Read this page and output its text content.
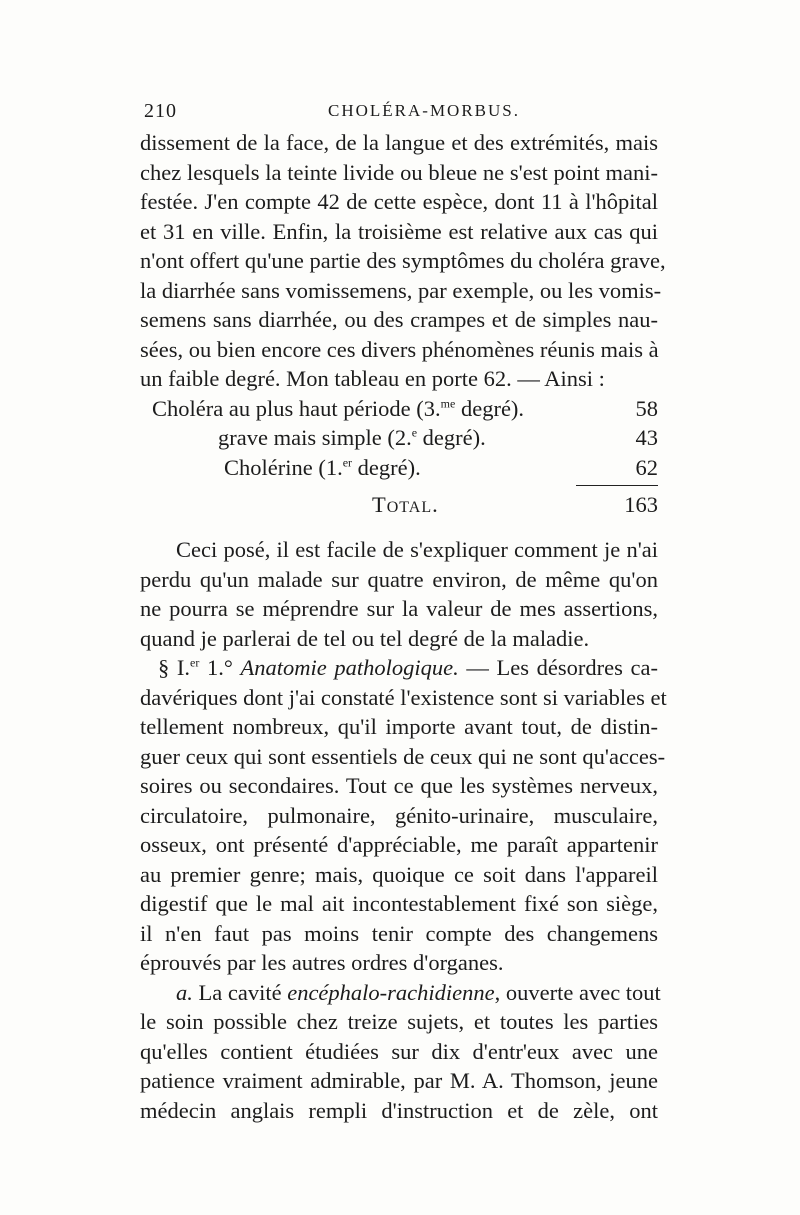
210	CHOLÉRA-MORBUS.
dissement de la face, de la langue et des extrémités, mais
chez lesquels la teinte livide ou bleue ne s'est point mani-
festée. J'en compte 42 de cette espèce, dont 11 à l'hôpital
et 31 en ville. Enfin, la troisième est relative aux cas qui
n'ont offert qu'une partie des symptômes du choléra grave,
la diarrhée sans vomissemens, par exemple, ou les vomis-
semens sans diarrhée, ou des crampes et de simples nau-
sées, ou bien encore ces divers phénomènes réunis mais à
un faible degré. Mon tableau en porte 62. — Ainsi :
Choléra au plus haut période (3.$^{me}$ degré).	58
grave mais simple (2.$^e$ degré).	43
Cholérine (1.$^{er}$ degré).	62
Total.	163
Ceci posé, il est facile de s'expliquer comment je n'ai
perdu qu'un malade sur quatre environ, de même qu'on
ne pourra se méprendre sur la valeur de mes assertions,
quand je parlerai de tel ou tel degré de la maladie.
§ I.$^{er}$ 1.° Anatomie pathologique. — Les désordres ca-
davériques dont j'ai constaté l'existence sont si variables et
tellement nombreux, qu'il importe avant tout, de distin-
guer ceux qui sont essentiels de ceux qui ne sont qu'acces-
soires ou secondaires. Tout ce que les systèmes nerveux,
circulatoire, pulmonaire, génito-urinaire, musculaire,
osseux, ont présenté d'appréciable, me paraît appartenir
au premier genre; mais, quoique ce soit dans l'appareil
digestif que le mal ait incontestablement fixé son siège,
il n'en faut pas moins tenir compte des changemens
éprouvés par les autres ordres d'organes.
a. La cavité encéphalo-rachidienne, ouverte avec tout
le soin possible chez treize sujets, et toutes les parties
qu'elles contient étudiées sur dix d'entr'eux avec une
patience vraiment admirable, par M. A. Thomson, jeune
médecin anglais rempli d'instruction et de zèle, ont
